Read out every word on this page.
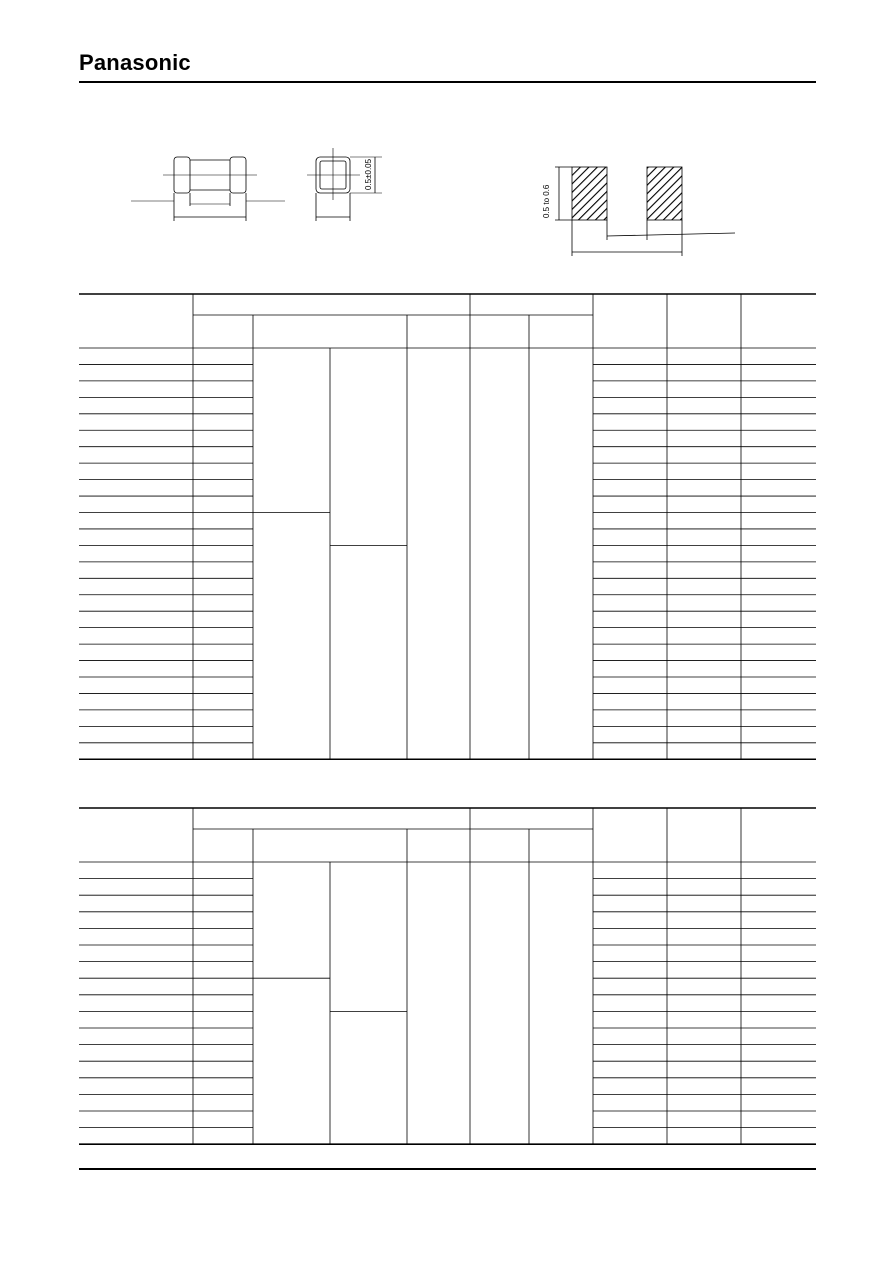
Panasonic
0.5±0.05
0.5 to 0.6
